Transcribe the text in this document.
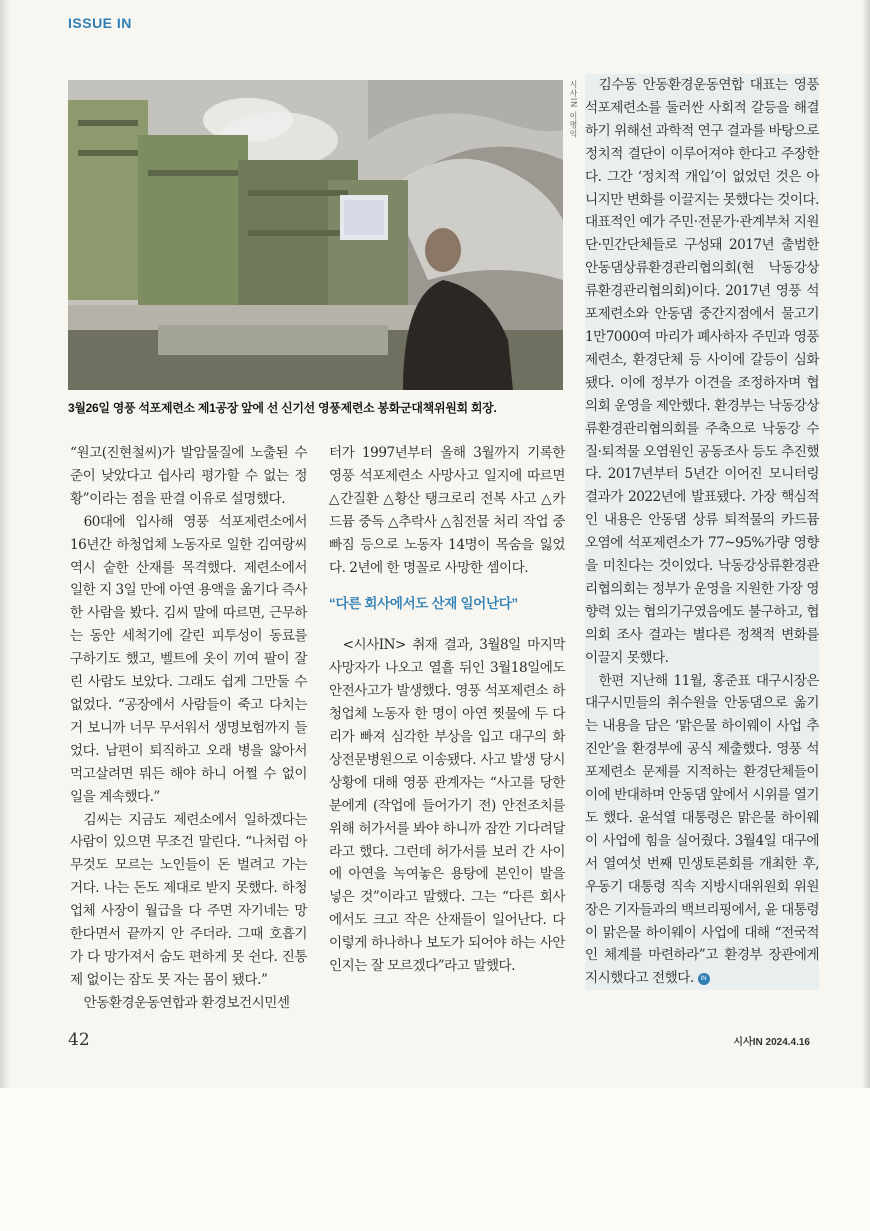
ISSUE IN
시사IN 이명익
3월26일 영풍 석포제련소 제1공장 앞에 선 신기선 영풍제련소 봉화군대책위원회 회장.

“원고(진현철씨)가 발암물질에 노출된 수준이 낮았다고 쉽사리 평가할 수 없는 정황”이라는 점을 판결 이유로 설명했다.

60대에 입사해 영풍 석포제련소에서 16년간 하청업체 노동자로 일한 김여랑씨 역시 숱한 산재를 목격했다. 제련소에서 일한 지 3일 만에 아연 용액을 옮기다 즉사한 사람을 봤다. 김씨 말에 따르면, 근무하는 동안 세척기에 갈린 피투성이 동료를 구하기도 했고, 벨트에 옷이 끼여 팔이 잘린 사람도 보았다. 그래도 쉽게 그만둘 수 없었다. “공장에서 사람들이 죽고 다치는 거 보니까 너무 무서워서 생명보험까지 들었다. 남편이 퇴직하고 오래 병을 앓아서 먹고살려면 뭐든 해야 하니 어쩔 수 없이 일을 계속했다.”

김씨는 지금도 제련소에서 일하겠다는 사람이 있으면 무조건 말린다. “나처럼 아무것도 모르는 노인들이 돈 벌려고 가는 거다. 나는 돈도 제대로 받지 못했다. 하청업체 사장이 월급을 다 주면 자기네는 망한다면서 끝까지 안 주더라. 그때 호흡기가 다 망가져서 숨도 편하게 못 쉰다. 진통제 없이는 잠도 못 자는 몸이 됐다.”

안동환경운동연합과 환경보건시민센

터가 1997년부터 올해 3월까지 기록한 영풍 석포제련소 사망사고 일지에 따르면 △간질환 △황산 탱크로리 전복 사고 △카드뮴 중독 △추락사 △침전물 처리 작업 중 빠짐 등으로 노동자 14명이 목숨을 잃었다. 2년에 한 명꼴로 사망한 셈이다.

“다른 회사에서도 산재 일어난다”

<시사IN> 취재 결과, 3월8일 마지막 사망자가 나오고 열흘 뒤인 3월18일에도 안전사고가 발생했다. 영풍 석포제련소 하청업체 노동자 한 명이 아연 찟물에 두 다리가 빠져 심각한 부상을 입고 대구의 화상전문병원으로 이송됐다. 사고 발생 당시 상황에 대해 영풍 관계자는 “사고를 당한 분에게 (작업에 들어가기 전) 안전조치를 위해 허가서를 봐야 하니까 잠깐 기다려달라고 했다. 그런데 허가서를 보러 간 사이에 아연을 녹여놓은 용탕에 본인이 발을 넣은 것”이라고 말했다. 그는 “다른 회사에서도 크고 작은 산재들이 일어난다. 다 이렇게 하나하나 보도가 되어야 하는 사안인지는 잘 모르겠다”라고 말했다.

김수동 안동환경운동연합 대표는 영풍 석포제련소를 둘러싼 사회적 갈등을 해결하기 위해선 과학적 연구 결과를 바탕으로 정치적 결단이 이루어져야 한다고 주장한다. 그간 ‘정치적 개입’이 없었던 것은 아니지만 변화를 이끌지는 못했다는 것이다. 대표적인 예가 주민·전문가·관계부처 지원단·민간단체들로 구성돼 2017년 출범한 안동댐상류환경관리협의회(현 낙동강상류환경관리협의회)이다. 2017년 영풍 석포제련소와 안동댐 중간지점에서 물고기 1만7000여 마리가 폐사하자 주민과 영풍제련소, 환경단체 등 사이에 갈등이 심화됐다. 이에 정부가 이견을 조정하자며 협의회 운영을 제안했다. 환경부는 낙동강상류환경관리협의회를 주축으로 낙동강 수질·퇴적물 오염원인 공동조사 등도 추진했다. 2017년부터 5년간 이어진 모니터링 결과가 2022년에 발표됐다. 가장 핵심적인 내용은 안동댐 상류 퇴적물의 카드뮴 오염에 석포제련소가 77~95%가량 영향을 미친다는 것이었다. 낙동강상류환경관리협의회는 정부가 운영을 지원한 가장 영향력 있는 협의기구였음에도 불구하고, 협의회 조사 결과는 별다른 정책적 변화를 이끌지 못했다.

한편 지난해 11월, 홍준표 대구시장은 대구시민들의 취수원을 안동댐으로 옮기는 내용을 담은 ‘맑은물 하이웨이 사업 추진안’을 환경부에 공식 제출했다. 영풍 석포제련소 문제를 지적하는 환경단체들이 이에 반대하며 안동댐 앞에서 시위를 열기도 했다. 윤석열 대통령은 맑은물 하이웨이 사업에 힘을 실어줬다. 3월4일 대구에서 열여섯 번째 민생토론회를 개최한 후, 우동기 대통령 직속 지방시대위원회 위원장은 기자들과의 백브리핑에서, 윤 대통령이 맑은물 하이웨이 사업에 대해 “전국적인 체계를 마련하라”고 환경부 장관에게 지시했다고 전했다. IN

42	시사IN 2024.4.16
